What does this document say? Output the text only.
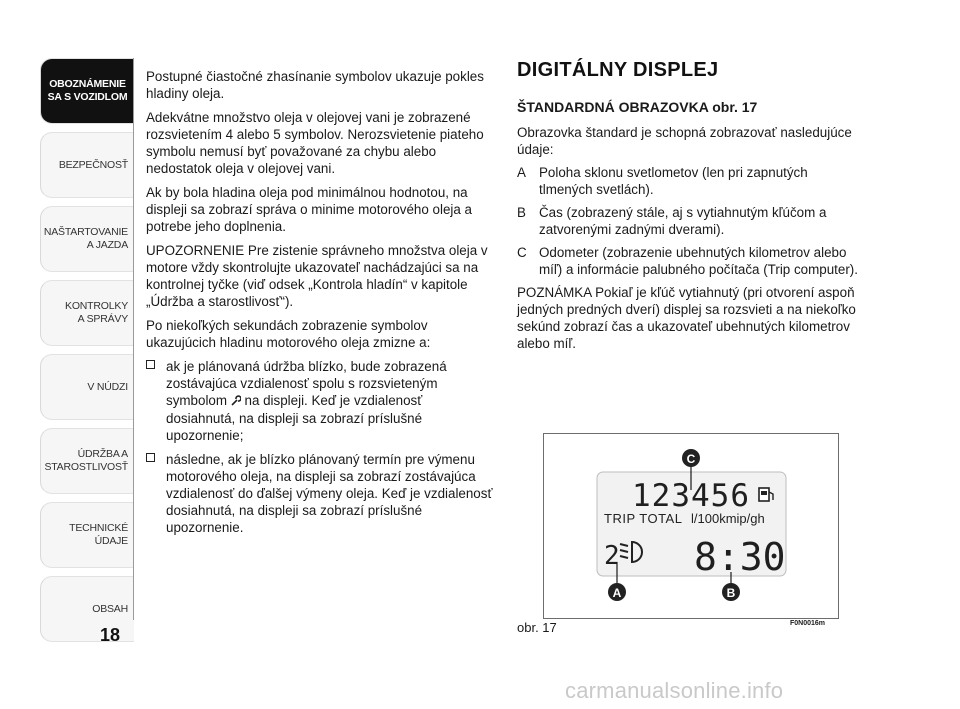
OBOZNÁMENIE
SA S VOZIDLOM
BEZPEČNOSŤ
NAŠTARTOVANIE
A JAZDA
KONTROLKY
A SPRÁVY
V NÚDZI
ÚDRŽBA A
STAROSTLIVOSŤ
TECHNICKÉ
ÚDAJE
OBSAH
18

Postupné čiastočné zhasínanie symbolov ukazuje pokles hladiny oleja.

Adekvátne množstvo oleja v olejovej vani je zobrazené rozsvietením 4 alebo 5 symbolov. Nerozsvietenie piateho symbolu nemusí byť považované za chybu alebo nedostatok oleja v olejovej vani.

Ak by bola hladina oleja pod minimálnou hodnotou, na displeji sa zobrazí správa o minime motorového oleja a potrebe jeho doplnenia.

UPOZORNENIE Pre zistenie správneho množstva oleja v motore vždy skontrolujte ukazovateľ nachádzajúci sa na kontrolnej tyčke (viď odsek „Kontrola hladín“ v kapitole „Údržba a starostlivosť“).

Po niekoľkých sekundách zobrazenie symbolov ukazujúcich hladinu motorového oleja zmizne a:

ak je plánovaná údržba blízko, bude zobrazená zostávajúca vzdialenosť spolu s rozsvieteným symbolom na displeji. Keď je vzdialenosť dosiahnutá, na displeji sa zobrazí príslušné upozornenie;
následne, ak je blízko plánovaný termín pre výmenu motorového oleja, na displeji sa zobrazí zostávajúca vzdialenosť do ďalšej výmeny oleja. Keď je vzdialenosť dosiahnutá, na displeji sa zobrazí príslušné upozornenie.
DIGITÁLNY DISPLEJ
ŠTANDARDNÁ OBRAZOVKA obr. 17

Obrazovka štandard je schopná zobrazovať nasledujúce údaje:

A Poloha sklonu svetlometov (len pri zapnutých tlmených svetlách).
B Čas (zobrazený stále, aj s vytiahnutým kľúčom a zatvorenými zadnými dverami).
C Odometer (zobrazenie ubehnutých kilometrov alebo míľ) a informácie palubného počítača (Trip computer).

POZNÁMKA Pokiaľ je kľúč vytiahnutý (pri otvorení aspoň jedných predných dverí) displej sa rozsvieti a na niekoľko sekúnd zobrazí čas a ukazovateľ ubehnutých kilometrov alebo míľ.

123456
TRIP TOTAL l/100kmip/gh
2 8:30
C
A	B
obr. 17	F0N0016m
carmanualsonline.info
